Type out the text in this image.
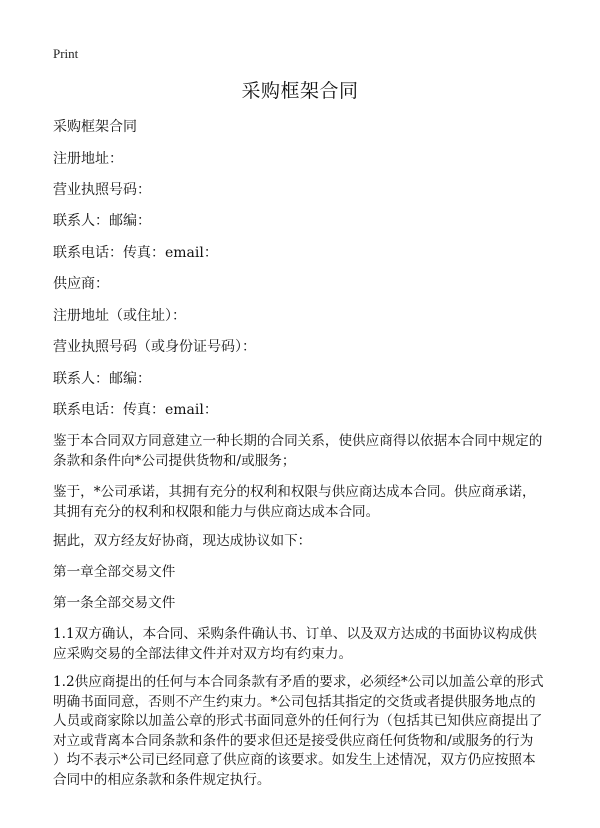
Print
采购框架合同
采购框架合同
注册地址：
营业执照号码：
联系人：邮编：
联系电话：传真：email：
供应商：
注册地址（或住址）：
营业执照号码（或身份证号码）：
联系人：邮编：
联系电话：传真：email：
鉴于本合同双方同意建立一种长期的合同关系，使供应商得以依据本合同中规定的
条款和条件向*公司提供货物和/或服务；
鉴于，*公司承诺，其拥有充分的权利和权限与供应商达成本合同。供应商承诺，
其拥有充分的权利和权限和能力与供应商达成本合同。
据此，双方经友好协商，现达成协议如下：
第一章全部交易文件
第一条全部交易文件
1.1双方确认，本合同、采购条件确认书、订单、以及双方达成的书面协议构成供
应采购交易的全部法律文件并对双方均有约束力。
1.2供应商提出的任何与本合同条款有矛盾的要求，必须经*公司以加盖公章的形式
明确书面同意，否则不产生约束力。*公司包括其指定的交货或者提供服务地点的
人员或商家除以加盖公章的形式书面同意外的任何行为（包括其已知供应商提出了
对立或背离本合同条款和条件的要求但还是接受供应商任何货物和/或服务的行为
）均不表示*公司已经同意了供应商的该要求。如发生上述情况，双方仍应按照本
合同中的相应条款和条件规定执行。
